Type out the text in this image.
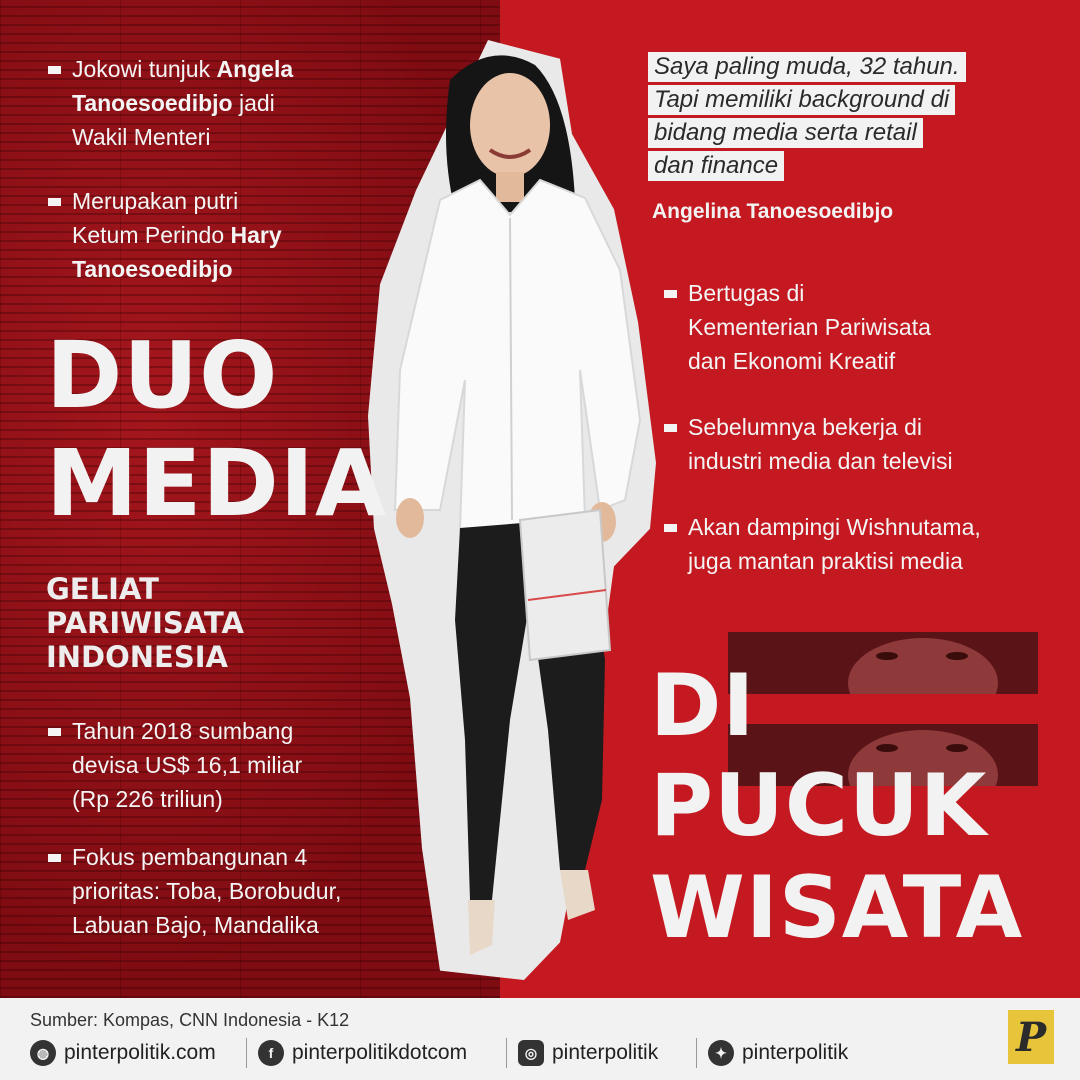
Jokowi tunjuk Angela
Tanoesoedibjo jadi
Wakil Menteri
Merupakan putri
Ketum Perindo Hary
Tanoesoedibjo
DUO
MEDIA
GELIAT
PARIWISATA
INDONESIA
Tahun 2018 sumbang
devisa US$ 16,1 miliar
(Rp 226 triliun)
Fokus pembangunan 4
prioritas: Toba, Borobudur,
Labuan Bajo, Mandalika
Saya paling muda, 32 tahun.
Tapi memiliki background di
bidang media serta retail
dan finance
Angelina Tanoesoedibjo
Bertugas di
Kementerian Pariwisata
dan Ekonomi Kreatif
Sebelumnya bekerja di
industri media dan televisi
Akan dampingi Wishnutama,
juga mantan praktisi media
DI
PUCUK
WISATA
Sumber: Kompas, CNN Indonesia - K12
◍ pinterpolitik.com	f pinterpolitikdotcom	◎ pinterpolitik	✦ pinterpolitik	P
